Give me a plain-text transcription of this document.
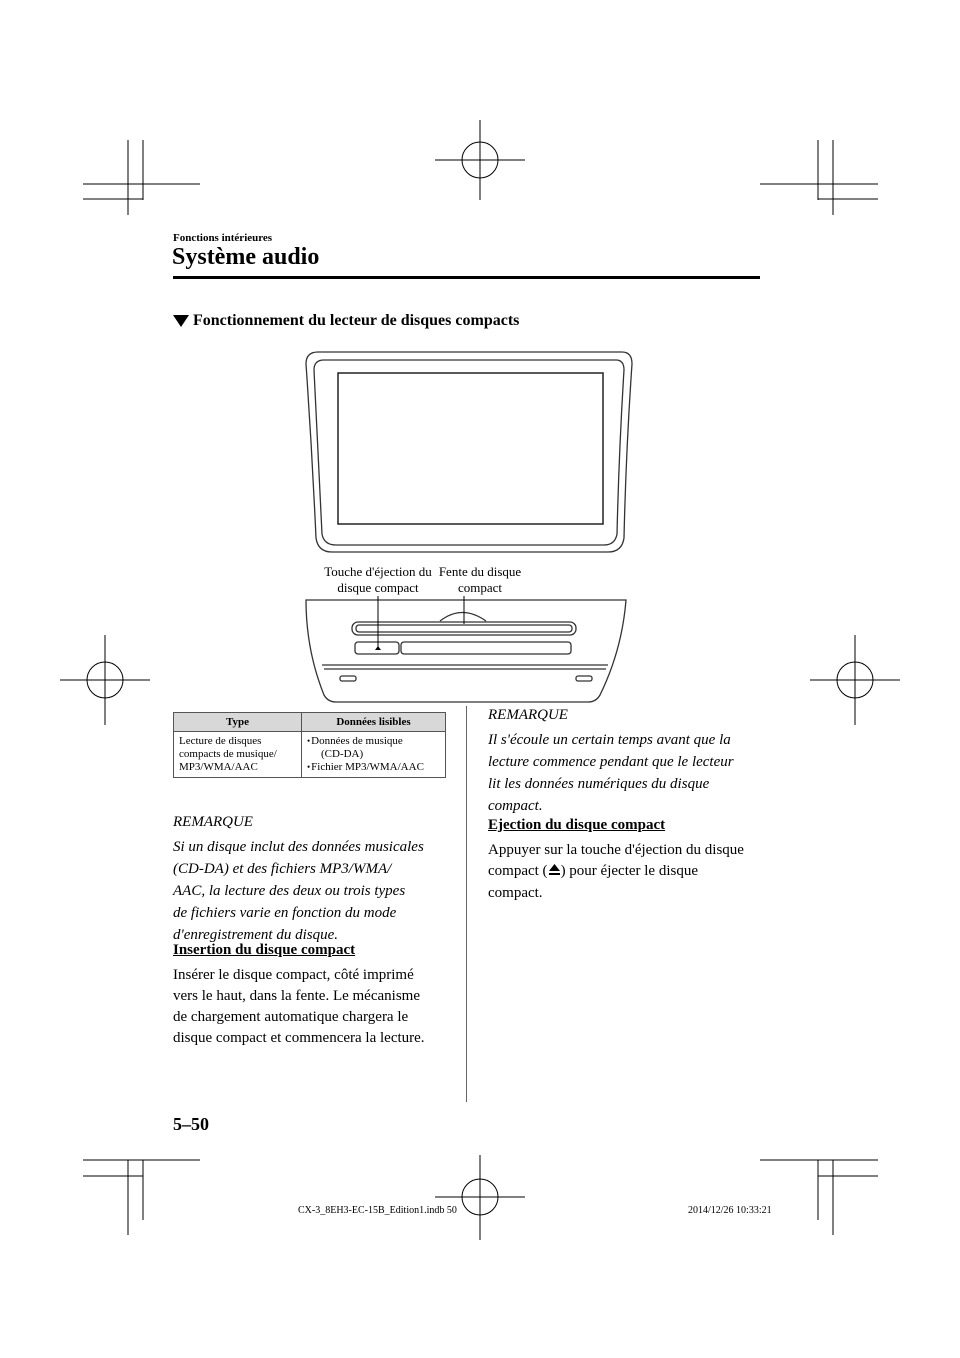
Fonctions intérieures
Système audio
Fonctionnement du lecteur de disques compacts
Touche d'éjection du
disque compact
Fente du disque
compact
Type	Données lisibles

Lecture de disques
compacts de musique/
MP3/WMA/AAC	• Données de musique
(CD-DA)
• Fichier MP3/WMA/AAC
REMARQUE
Si un disque inclut des données musicales
(CD-DA) et des fichiers MP3/WMA/
AAC, la lecture des deux ou trois types
de fichiers varie en fonction du mode
d'enregistrement du disque.
Insertion du disque compact
Insérer le disque compact, côté imprimé
vers le haut, dans la fente. Le mécanisme
de chargement automatique chargera le
disque compact et commencera la lecture.
REMARQUE
Il s'écoule un certain temps avant que la
lecture commence pendant que le lecteur
lit les données numériques du disque
compact.
Ejection du disque compact
Appuyer sur la touche d'éjection du disque
compact ( ) pour éjecter le disque
compact.
5–50
CX-3_8EH3-EC-15B_Edition1.indb 50	2014/12/26 10:33:21
